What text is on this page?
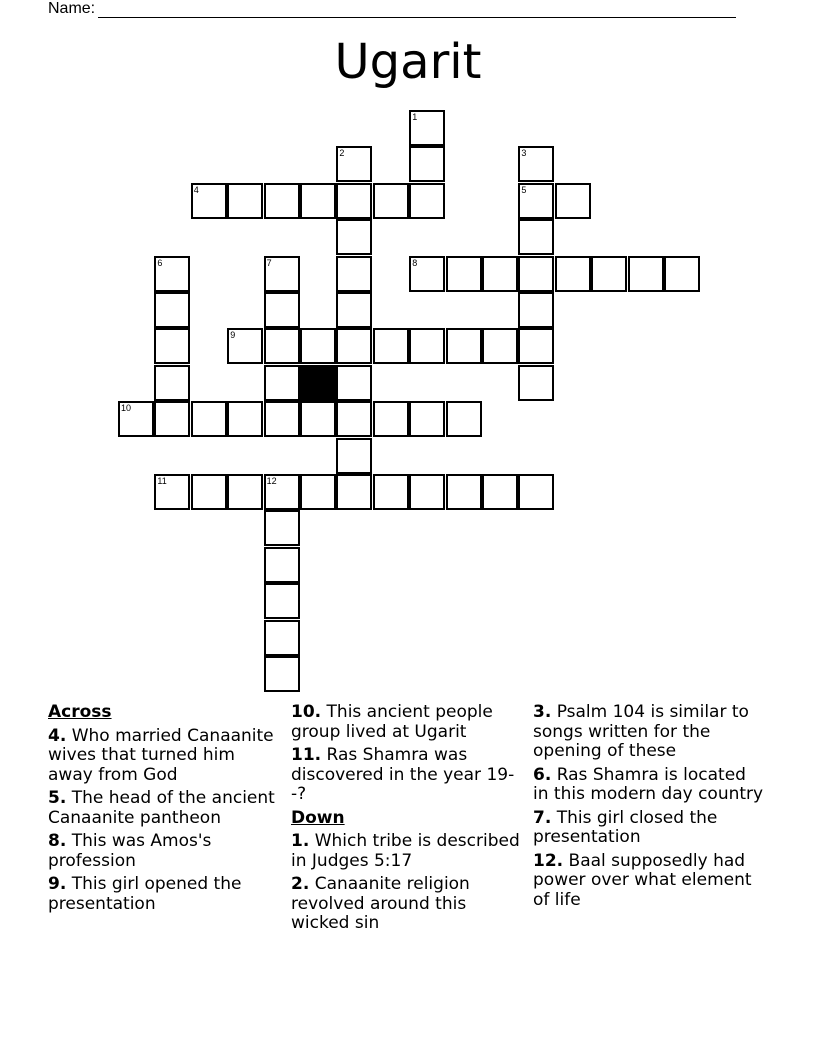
Name:
Ugarit
1
2	3
4	5
6	7	8
9
10
11	12
Across
4. Who married Canaanite wives that turned him away from God
5. The head of the ancient Canaanite pantheon
8. This was Amos's profession
9. This girl opened the presentation
10. This ancient people group lived at Ugarit
11. Ras Shamra was discovered in the year 19--?
Down
1. Which tribe is described in Judges 5:17
2. Canaanite religion revolved around this wicked sin
3. Psalm 104 is similar to songs written for the opening of these
6. Ras Shamra is located in this modern day country
7. This girl closed the presentation
12. Baal supposedly had power over what element of life
